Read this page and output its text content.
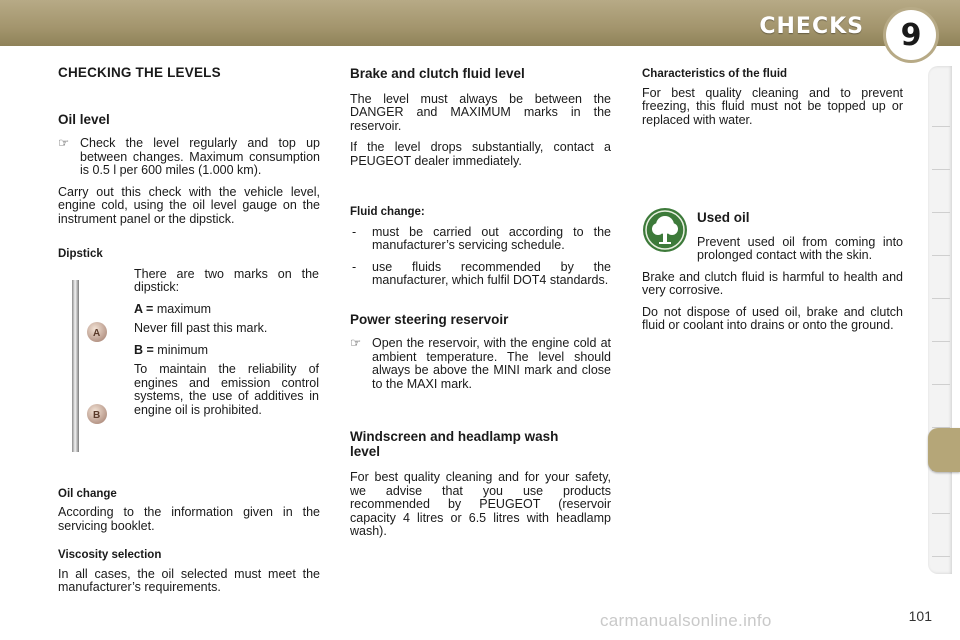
CHECKS	9
CHECKING THE LEVELS
Oil level

☞ Check the level regularly and top up between changes. Maximum consumption is 0.5 l per 600 miles (1.000 km).

Carry out this check with the vehicle level, engine cold, using the oil level gauge on the instrument panel or the dipstick.

Dipstick
A
B

There are two marks on the dipstick:

A = maximum

Never fill past this mark.

B = minimum

To maintain the reliability of engines and emission control systems, the use of additives in engine oil is prohibited.

Oil change

According to the information given in the servicing booklet.

Viscosity selection

In all cases, the oil selected must meet the manufacturer’s requirements.

Brake and clutch fluid level

The level must always be between the DANGER and MAXIMUM marks in the reservoir.

If the level drops substantially, contact a PEUGEOT dealer immediately.

Fluid change:

- must be carried out according to the manufacturer’s servicing schedule.

- use fluids recommended by the manufacturer, which fulfil DOT4 standards.

Power steering reservoir

☞ Open the reservoir, with the engine cold at ambient temperature. The level should always be above the MINI mark and close to the MAXI mark.

Windscreen and headlamp wash level

For best quality cleaning and for your safety, we advise that you use products recommended by PEUGEOT (reservoir capacity 4 litres or 6.5 litres with headlamp wash).

Characteristics of the fluid

For best quality cleaning and to prevent freezing, this fluid must not be topped up or replaced with water.

Used oil

Prevent used oil from coming into prolonged contact with the skin.

Brake and clutch fluid is harmful to health and very corrosive.

Do not dispose of used oil, brake and clutch fluid or coolant into drains or onto the ground.

carmanualsonline.info	101
